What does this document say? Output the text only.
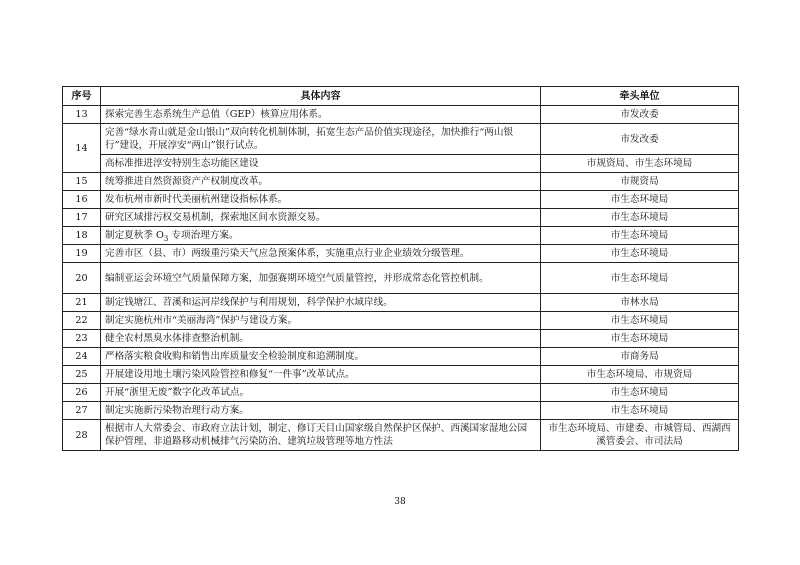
序号	具体内容	牵头单位
13	探索完善生态系统生产总值（GEP）核算应用体系。	市发改委
14	完善“绿水青山就是金山银山”双向转化机制体制，拓宽生态产品价值实现途径，加快推行“两山银行”建设，开展淳安“两山”银行试点。	市发改委
	高标准推进淳安特别生态功能区建设	市规资局、市生态环境局
15	统筹推进自然资源资产产权制度改革。	市规资局
16	发布杭州市新时代美丽杭州建设指标体系。	市生态环境局
17	研究区域排污权交易机制，探索地区间水资源交易。	市生态环境局
18	制定夏秋季 $O_3$ 专项治理方案。	市生态环境局
19	完善市区（县、市）两级重污染天气应急预案体系，实施重点行业企业绩效分级管理。	市生态环境局
20	编制亚运会环境空气质量保障方案，加强赛期环境空气质量管控，并形成常态化管控机制。	市生态环境局
21	制定钱塘江、苕溪和运河岸线保护与利用规划，科学保护水域岸线。	市林水局
22	制定实施杭州市“美丽海湾”保护与建设方案。	市生态环境局
23	健全农村黑臭水体排查整治机制。	市生态环境局
24	严格落实粮食收购和销售出库质量安全检验制度和追溯制度。	市商务局
25	开展建设用地土壤污染风险管控和修复“一件事”改革试点。	市生态环境局、市规资局
26	开展“浙里无废”数字化改革试点。	市生态环境局
27	制定实施新污染物治理行动方案。	市生态环境局
28	根据市人大常委会、市政府立法计划，制定、修订天目山国家级自然保护区保护、西溪国家湿地公园保护管理、非道路移动机械排气污染防治、建筑垃圾管理等地方性法	市生态环境局、市建委、市城管局、西湖西溪管委会、市司法局
38
